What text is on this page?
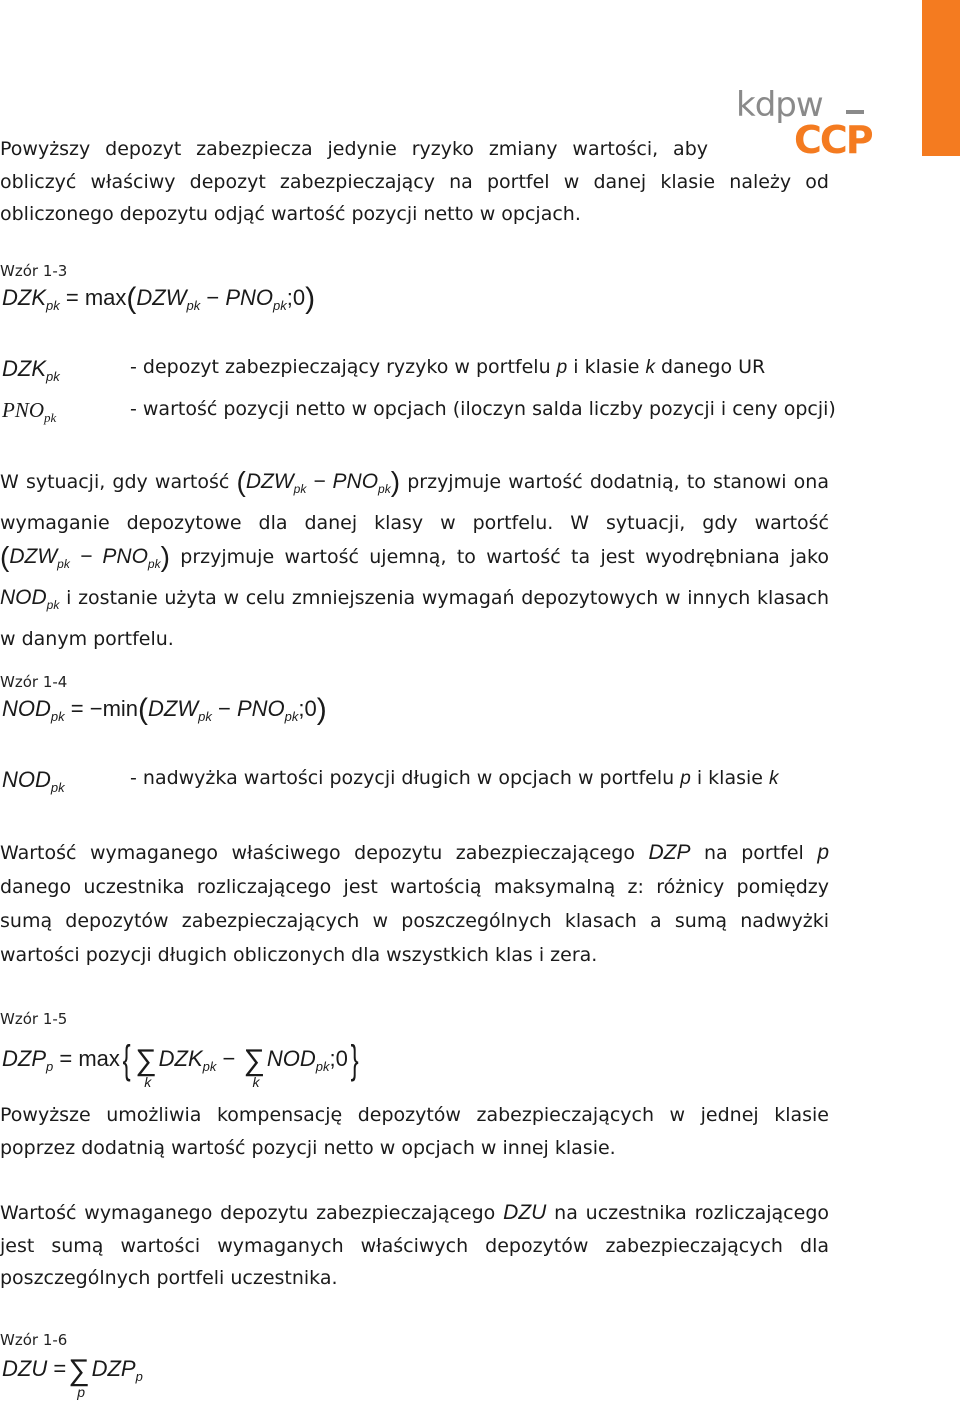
kdpw
CCP
Powyższy depozyt zabezpiecza jedynie ryzyko zmiany wartości, aby
obliczyć właściwy depozyt zabezpieczający na portfel w danej klasie należy od
obliczonego depozytu odjąć wartość pozycji netto w opcjach.
Wzór 1-3
$DZK_{pk} = \max(DZW_{pk}$ − $PNO_{pk};0$)
$DZK_{pk}$	- depozyt zabezpieczający ryzyko w portfelu p i klasie k danego UR
$PNO_{pk}$	- wartość pozycji netto w opcjach (iloczyn salda liczby pozycji i ceny opcji)
W sytuacji, gdy wartość $(DZW_{pk} - PNO_{pk})$ przyjmuje wartość dodatnią, to stanowi ona
wymaganie depozytowe dla danej klasy w portfelu. W sytuacji, gdy wartość
$(DZW_{pk} - PNO_{pk})$ przyjmuje wartość ujemną, to wartość ta jest wyodrębniana jako
$NOD_{pk}$ i zostanie użyta w celu zmniejszenia wymagań depozytowych w innych klasach
w danym portfelu.
Wzór 1-4
$NOD_{pk} = -\min(DZW_{pk}$ − $PNO_{pk};0$)
$NOD_{pk}$	- nadwyżka wartości pozycji długich w opcjach w portfelu p i klasie k
Wartość wymaganego właściwego depozytu zabezpieczającego DZP na portfel p
danego uczestnika rozliczającego jest wartością maksymalną z: różnicy pomiędzy
sumą depozytów zabezpieczających w poszczególnych klasach a sumą nadwyżki
wartości pozycji długich obliczonych dla wszystkich klas i zera.
Wzór 1-5
$DZP_p = \max${ ∑
k
$DZK_{pk}$ − ∑
k
$NOD_{pk};0$}
Powyższe umożliwia kompensację depozytów zabezpieczających w jednej klasie
poprzez dodatnią wartość pozycji netto w opcjach w innej klasie.
Wartość wymaganego depozytu zabezpieczającego DZU na uczestnika rozliczającego
jest sumą wartości wymaganych właściwych depozytów zabezpieczających dla
poszczególnych portfeli uczestnika.
Wzór 1-6
DZU =∑
p
$DZP_p$
